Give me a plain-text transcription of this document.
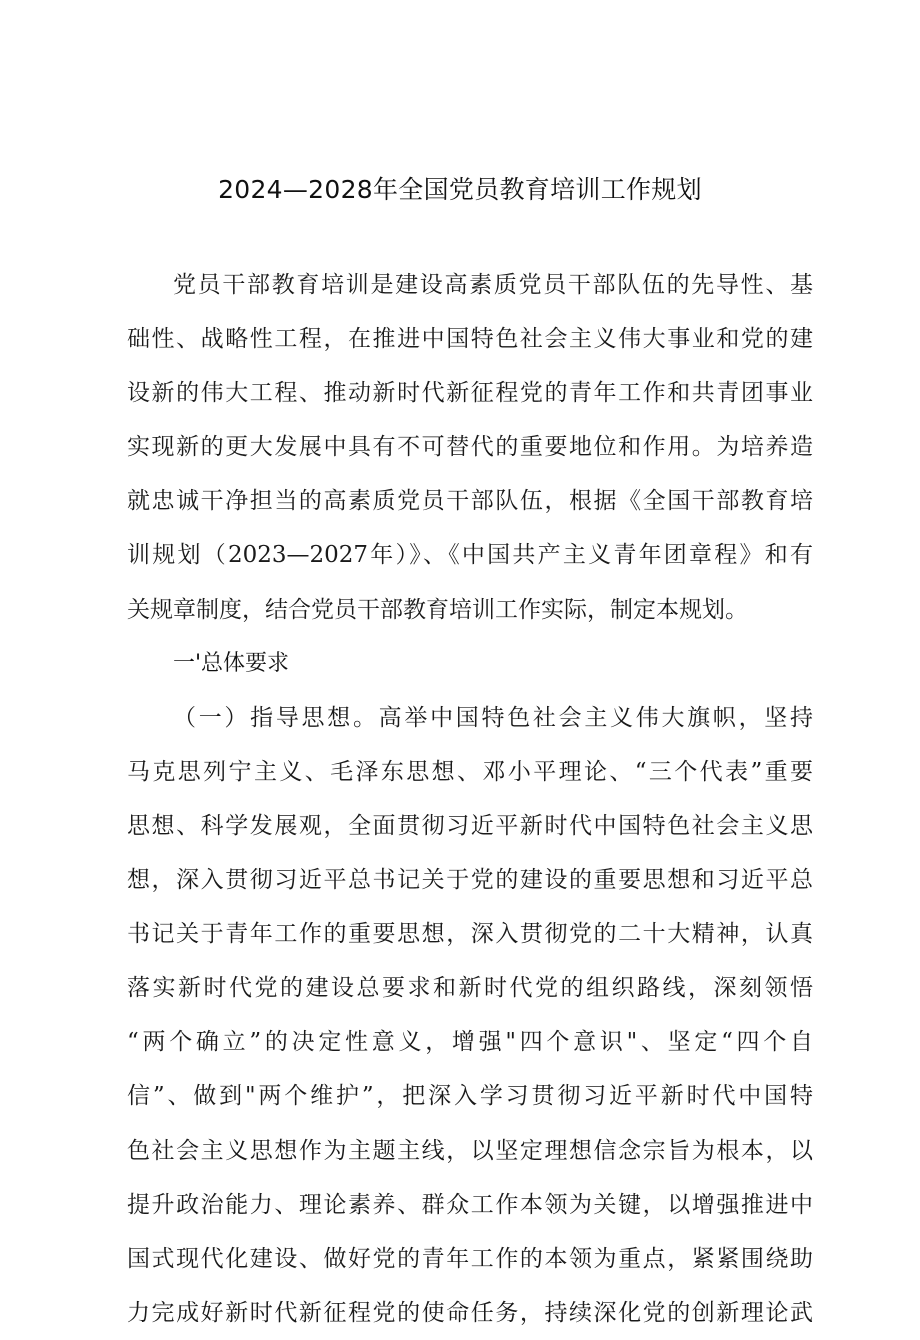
2024—2028年全国党员教育培训工作规划
党员干部教育培训是建设高素质党员干部队伍的先导性、基
础性、战略性工程，在推进中国特色社会主义伟大事业和党的建
设新的伟大工程、推动新时代新征程党的青年工作和共青团事业
实现新的更大发展中具有不可替代的重要地位和作用。为培养造
就忠诚干净担当的高素质党员干部队伍，根据《全国干部教育培
训规划（2023—2027年）》、《中国共产主义青年团章程》和有
关规章制度，结合党员干部教育培训工作实际，制定本规划。
一'总体要求
（一）指导思想。高举中国特色社会主义伟大旗帜，坚持
马克思列宁主义、毛泽东思想、邓小平理论、“三个代表”重要
思想、科学发展观，全面贯彻习近平新时代中国特色社会主义思
想，深入贯彻习近平总书记关于党的建设的重要思想和习近平总
书记关于青年工作的重要思想，深入贯彻党的二十大精神，认真
落实新时代党的建设总要求和新时代党的组织路线，深刻领悟
“两个确立”的决定性意义，增强"四个意识"、坚定“四个自
信”、做到"两个维护”，把深入学习贯彻习近平新时代中国特
色社会主义思想作为主题主线，以坚定理想信念宗旨为根本，以
提升政治能力、理论素养、群众工作本领为关键，以增强推进中
国式现代化建设、做好党的青年工作的本领为重点，紧紧围绕助
力完成好新时代新征程党的使命任务，持续深化党的创新理论武
